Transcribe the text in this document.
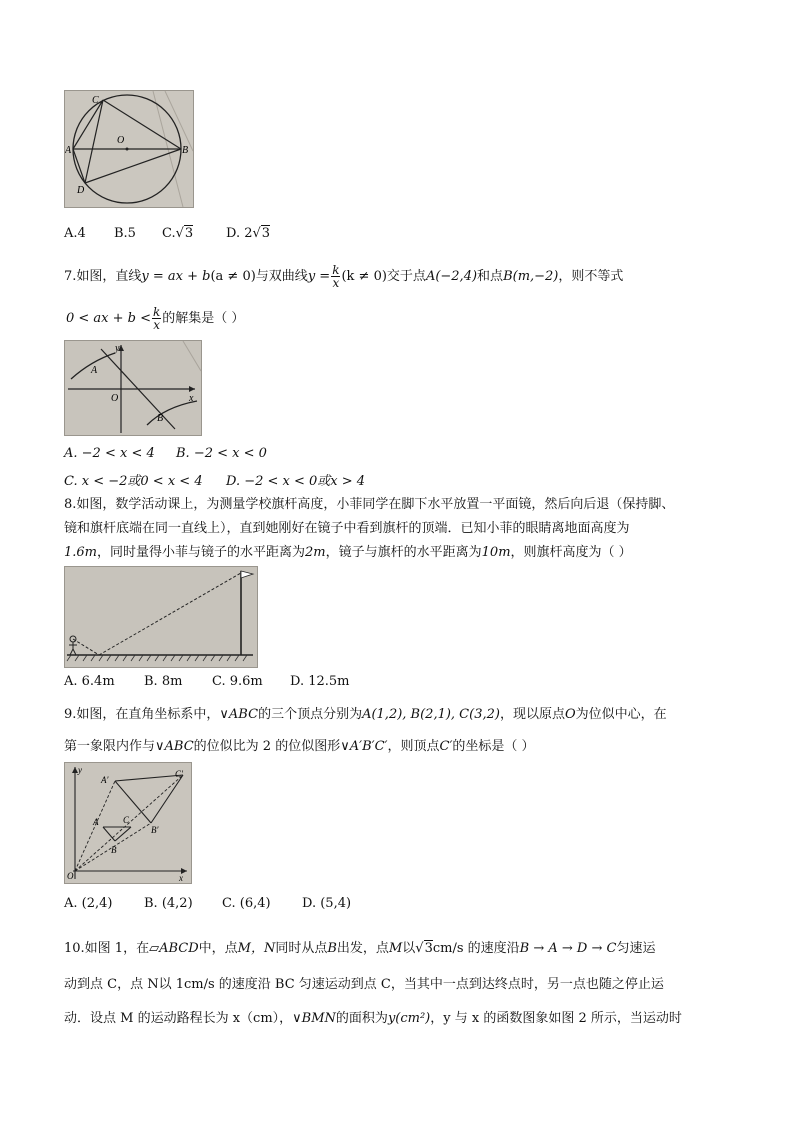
C
A
O
B
D
A.4 B.5 C.√3	D. 2√3
7.如图，直线y = ax + b(a ≠ 0)与双曲线$y = \frac{k}{x} (k \ne 0)$交于点A(−2,4)和点B(m,−2)，则不等式
0 < ax + $b < \frac{k}{x}$ 的解集是（ ）
y
A
O
B
x
A. −2 < x < 4 B. −2 < x < 0
C. x < −2或0 < x < 4 D. −2 < x < 0或x > 4
8.如图，数学活动课上，为测量学校旗杆高度，小菲同学在脚下水平放置一平面镜，然后向后退（保持脚、
镜和旗杆底端在同一直线上），直到她刚好在镜子中看到旗杆的顶端．已知小菲的眼睛离地面高度为
1.6m，同时量得小菲与镜子的水平距离为2m，镜子与旗杆的水平距离为10m，则旗杆高度为（ ）
A. 6.4m B. 8m C. 9.6m D. 12.5m
9.如图，在直角坐标系中，∨ABC的三个顶点分别为A(1,2), B(2,1), C(3,2)，现以原点O为位似中心，在
第一象限内作与∨ABC的位似比为 2 的位似图形∨A′B′C′，则顶点C′的坐标是（ ）
y
A
B
C
A′
B′
C′
O	x
A. (2,4) B. (4,2) C. (6,4) D. (5,4)
10.如图 1，在▱ABCD中，点M，N同时从点B出发，点M以√3cm/s 的速度沿B → A → D → C匀速运
动到点 C，点 N以 1cm/s 的速度沿 BC 匀速运动到点 C，当其中一点到达终点时，另一点也随之停止运
动．设点 M 的运动路程长为 x（cm），∨BMN的面积为y(cm²)，y 与 x 的函数图象如图 2 所示，当运动时
